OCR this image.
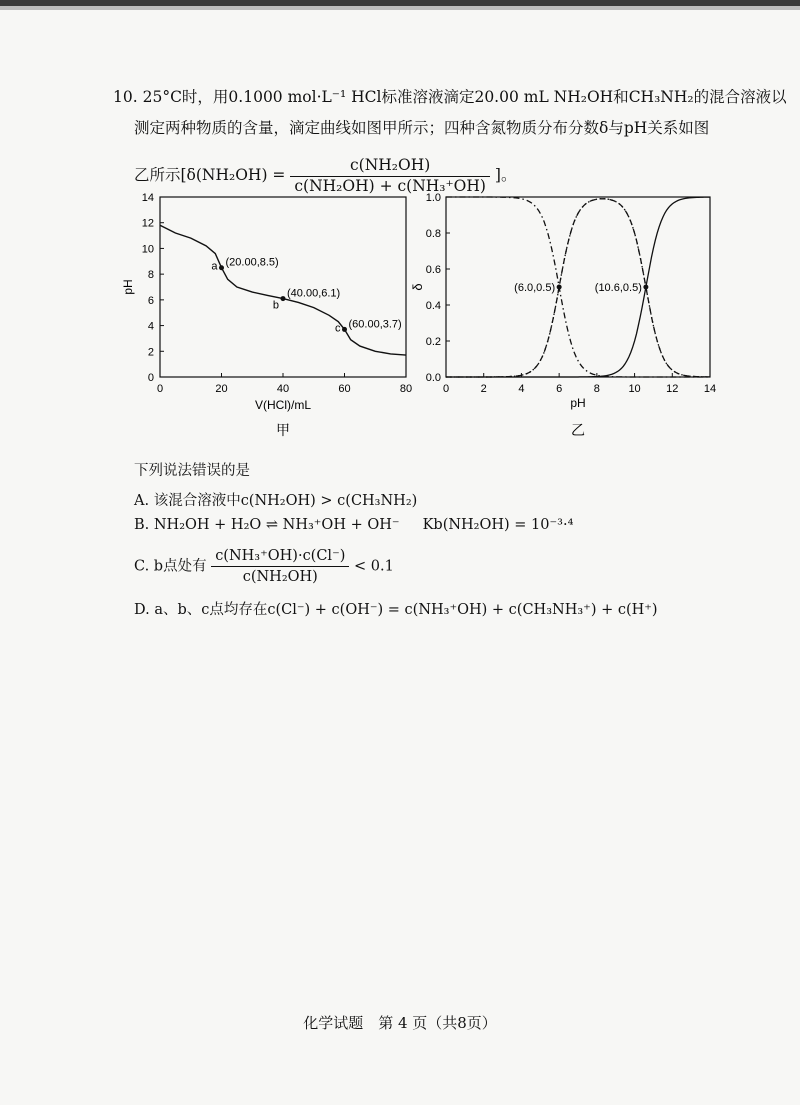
10. 25°C时，用0.1000 mol·L⁻¹ HCl标准溶液滴定20.00 mL NH₂OH和CH₃NH₂的混合溶液以
测定两种物质的含量，滴定曲线如图甲所示；四种含氮物质分布分数δ与pH关系如图
乙所示[$\delta(NH_2OH) = \frac{\text{c(NH₂OH)}}{\text{c(NH₂OH) + c(NH₃⁺OH)}}$ ]。
0	20	40	60	80
0
2
4
6
8
10
12
14
V(HCl)/mL
pH
a (20.00,8.5)
b
(40.00,6.1)
c (60.00,3.7)
甲
0	2	4	6	8	10 12 14
0.0
0.2
0.4
0.6
0.8
1.0
pH
δ	(6.0,0.5)	(10.6,0.5)
乙
下列说法错误的是
A. 该混合溶液中c(NH₂OH) > c(CH₃NH₂)
B. NH₂OH + H₂O ⇌ NH₃⁺OH + OH⁻ Kb(NH₂OH) = 10⁻³·⁴
C. b点处有 $\frac{\text{c(NH₃⁺OH)·c(Cl⁻)}}{\text{c(NH₂OH)}} < 0.1$
D. a、b、c点均存在c(Cl⁻) + c(OH⁻) = c(NH₃⁺OH) + c(CH₃NH₃⁺) + c(H⁺)
化学试题　第 4 页（共8页）
